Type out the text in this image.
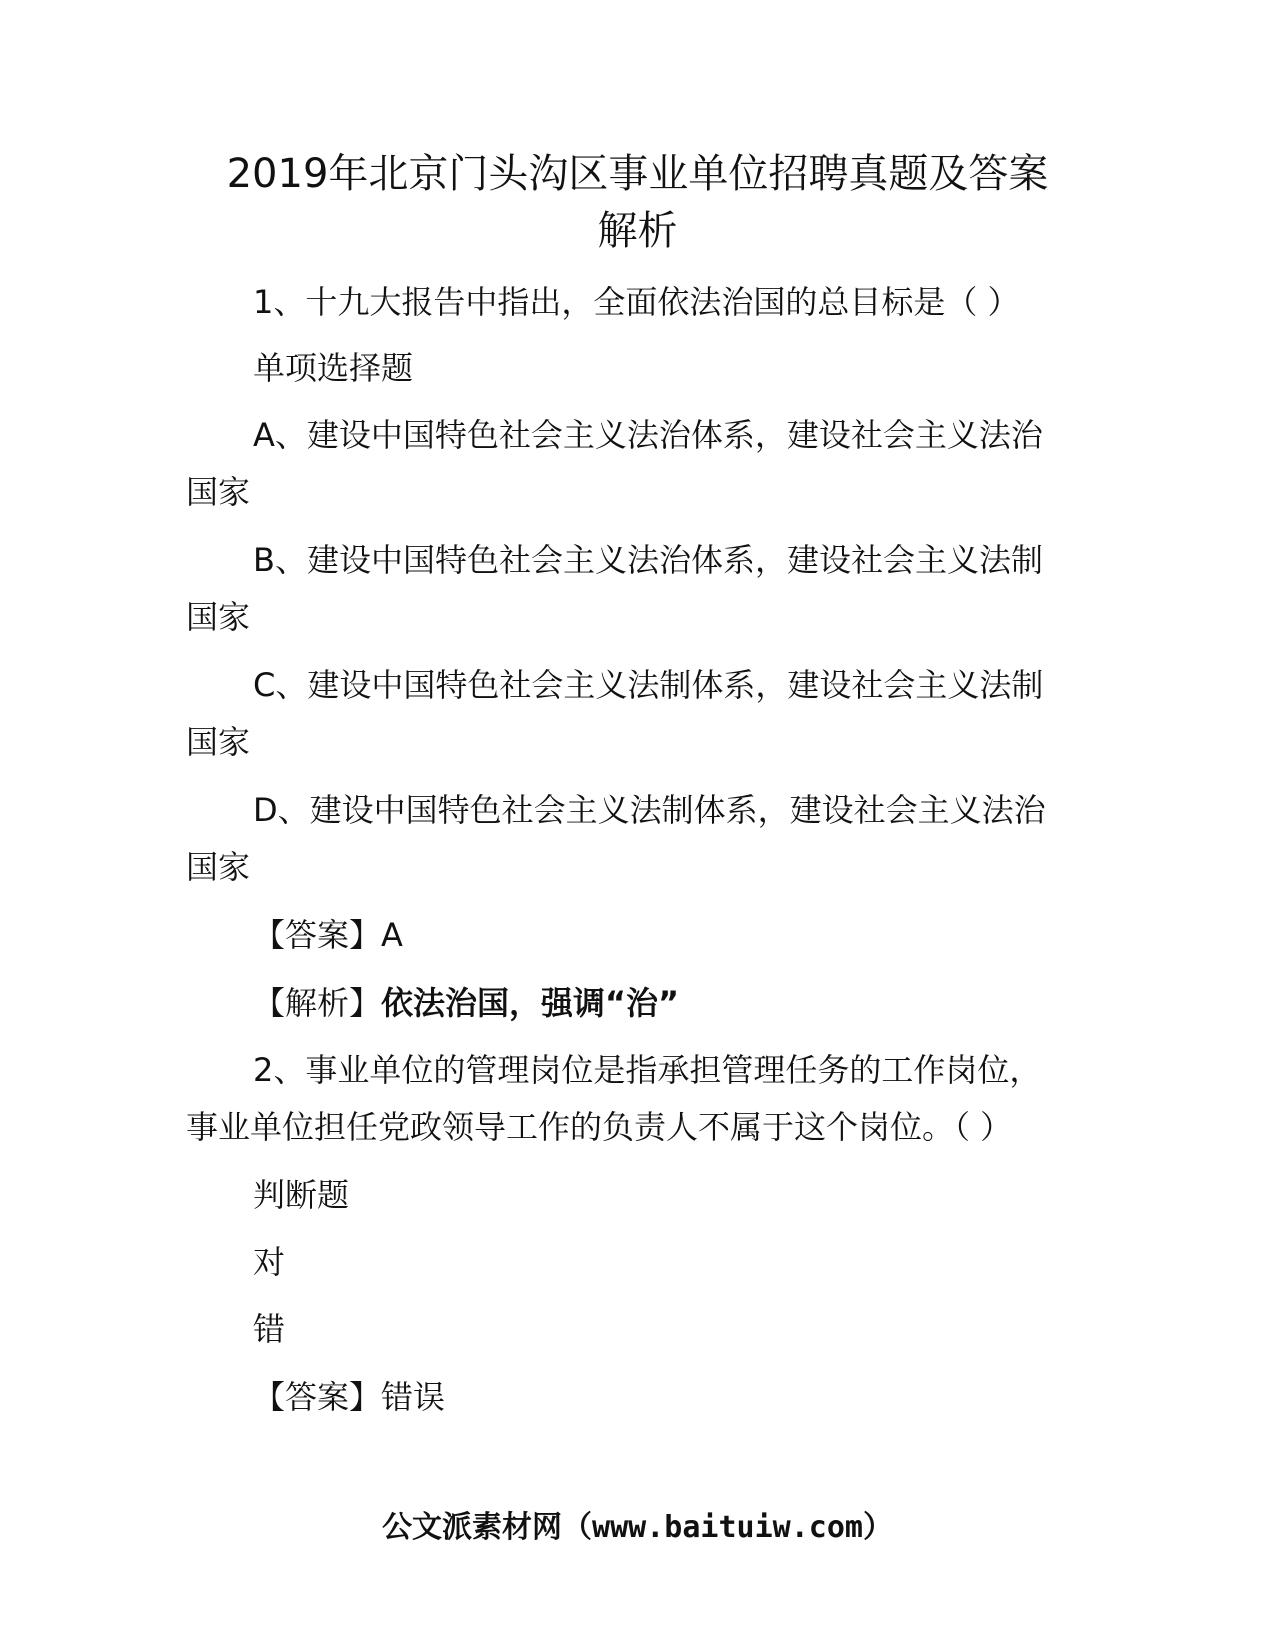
2019年北京门头沟区事业单位招聘真题及答案
解析

1、十九大报告中指出，全面依法治国的总目标是（ ）

单项选择题

A、建设中国特色社会主义法治体系，建设社会主义法治

国家

B、建设中国特色社会主义法治体系，建设社会主义法制

国家

C、建设中国特色社会主义法制体系，建设社会主义法制

国家

D、建设中国特色社会主义法制体系，建设社会主义法治

国家

【答案】A

【解析】依法治国，强调“治”

2、事业单位的管理岗位是指承担管理任务的工作岗位，

事业单位担任党政领导工作的负责人不属于这个岗位。（ ）

判断题

对

错

【答案】错误

公文派素材网（www.baituiw.com）
